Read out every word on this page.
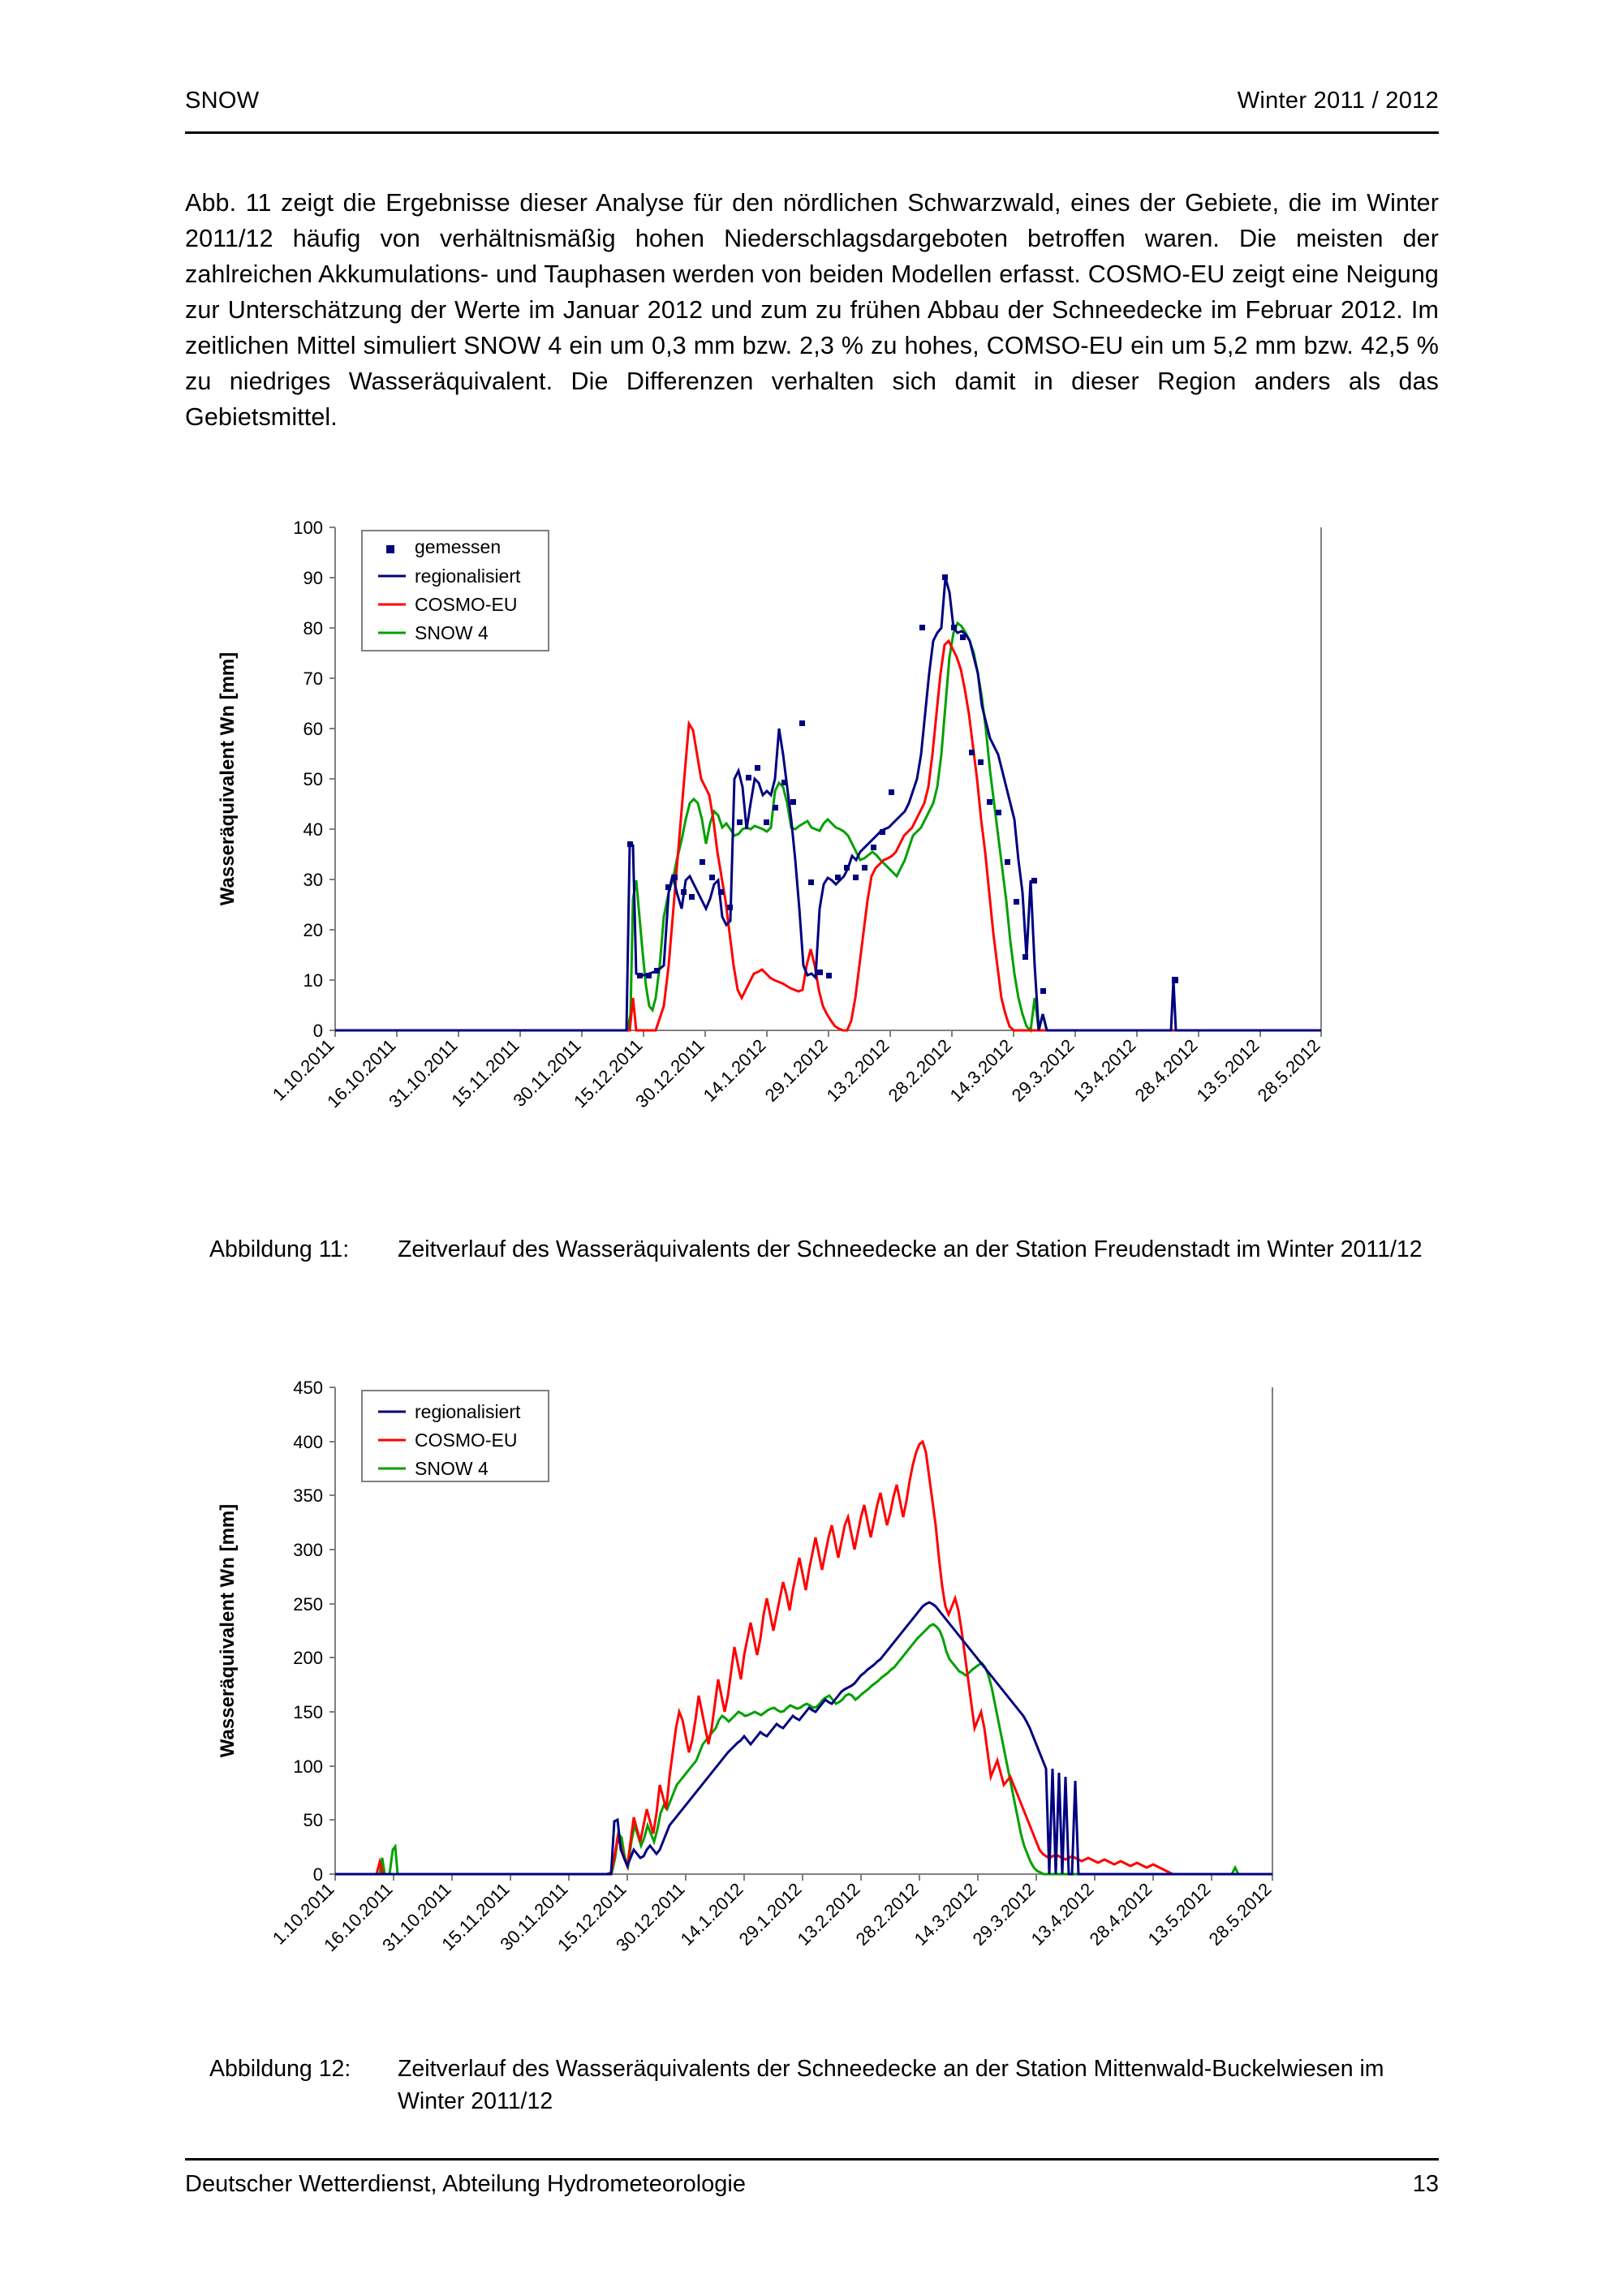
SNOW	Winter 2011 / 2012
Abb. 11 zeigt die Ergebnisse dieser Analyse für den nördlichen Schwarzwald, eines der Gebiete, die im Winter 2011/12 häufig von verhältnismäßig hohen Niederschlagsdargeboten betroffen waren. Die meisten der zahlreichen Akkumulations- und Tauphasen werden von beiden Modellen erfasst. COSMO-EU zeigt eine Neigung zur Unterschätzung der Werte im Januar 2012 und zum zu frühen Abbau der Schneedecke im Februar 2012. Im zeitlichen Mittel simuliert SNOW 4 ein um 0,3 mm bzw. 2,3 % zu hohes, COMSO-EU ein um 5,2 mm bzw. 42,5 % zu niedriges Wasseräquivalent. Die Differenzen verhalten sich damit in dieser Region anders als das Gebietsmittel.
0
10
20
30
40
50
60
70
80
90
100
Wasseräquivalent Wn [mm]
1.10.2011
16.10.2011
31.10.2011
15.11.2011
30.11.2011
15.12.2011
30.12.2011
14.1.2012
29.1.2012
13.2.2012
28.2.2012
14.3.2012
29.3.2012
13.4.2012
28.4.2012
13.5.2012
28.5.2012
gemessen
regionalisiert
COSMO-EU
SNOW 4
Abbildung 11: Zeitverlauf des Wasseräquivalents der Schneedecke an der Station Freudenstadt im Winter 2011/12
0
50
100
150
200
250
300
350
400
450
Wasseräquivalent Wn [mm]
1.10.2011
16.10.2011
31.10.2011
15.11.2011
30.11.2011
15.12.2011
30.12.2011
14.1.2012
29.1.2012
13.2.2012
28.2.2012
14.3.2012
29.3.2012
13.4.2012
28.4.2012
13.5.2012
28.5.2012
regionalisiert
COSMO-EU
SNOW 4
Abbildung 12: Zeitverlauf des Wasseräquivalents der Schneedecke an der Station Mittenwald-Buckelwiesen im Winter 2011/12
Deutscher Wetterdienst, Abteilung Hydrometeorologie	13
